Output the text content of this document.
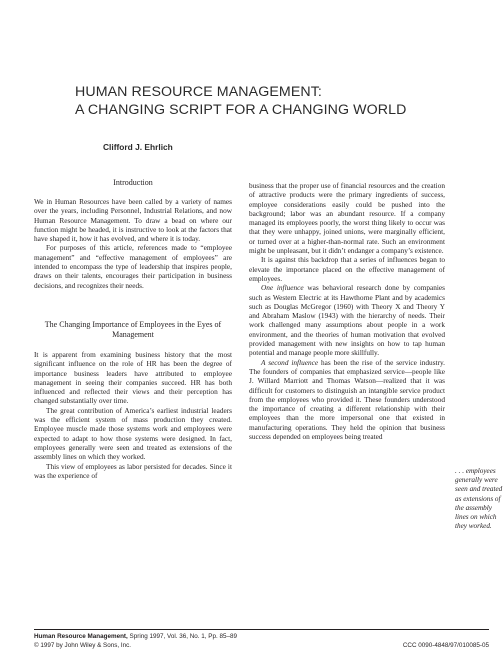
HUMAN RESOURCE MANAGEMENT:
A CHANGING SCRIPT FOR A CHANGING WORLD
Clifford J. Ehrlich
Introduction

We in Human Resources have been called by a variety of names over the years, including Personnel, Industrial Relations, and now Human Resource Management. To draw a bead on where our function might be headed, it is instructive to look at the factors that have shaped it, how it has evolved, and where it is today.

For purposes of this article, references made to “employee management” and “effective management of employees” are intended to encompass the type of leadership that inspires people, draws on their talents, encourages their participation in business decisions, and recognizes their needs.

The Changing Importance of Employees in the Eyes of Management

It is apparent from examining business history that the most significant influence on the role of HR has been the degree of importance business leaders have attributed to employee management in seeing their companies succeed. HR has both influenced and reflected their views and their perception has changed substantially over time.

The great contribution of America’s earliest industrial leaders was the efficient system of mass production they created. Employee muscle made those systems work and employees were expected to adapt to how those systems were designed. In fact, employees generally were seen and treated as extensions of the assembly lines on which they worked.

This view of employees as labor persisted for decades. Since it was the experience of

business that the proper use of financial resources and the creation of attractive products were the primary ingredients of success, employee considerations easily could be pushed into the background; labor was an abundant resource. If a company managed its employees poorly, the worst thing likely to occur was that they were unhappy, joined unions, were marginally efficient, or turned over at a higher-than-normal rate. Such an environment might be unpleasant, but it didn’t endanger a company’s existence.

It is against this backdrop that a series of influences began to elevate the importance placed on the effective management of employees.

One influence was behavioral research done by companies such as Western Electric at its Hawthorne Plant and by academics such as Douglas McGregor (1960) with Theory X and Theory Y and Abraham Maslow (1943) with the hierarchy of needs. Their work challenged many assumptions about people in a work environment, and the theories of human motivation that evolved provided management with new insights on how to tap human potential and manage people more skillfully.

A second influence has been the rise of the service industry. The founders of companies that emphasized service—people like J. Willard Marriott and Thomas Watson—realized that it was difficult for customers to distinguish an intangible service product from the employees who provided it. These founders understood the importance of creating a different relationship with their employees than the more impersonal one that existed in manufacturing operations. They held the opinion that business success depended on employees being treated

. . . employees generally were seen and treated as extensions of the assembly lines on which they worked.
Human Resource Management, Spring 1997, Vol. 36, No. 1, Pp. 85–89
© 1997 by John Wiley & Sons, Inc.	CCC 0090-4848/97/010085-05
